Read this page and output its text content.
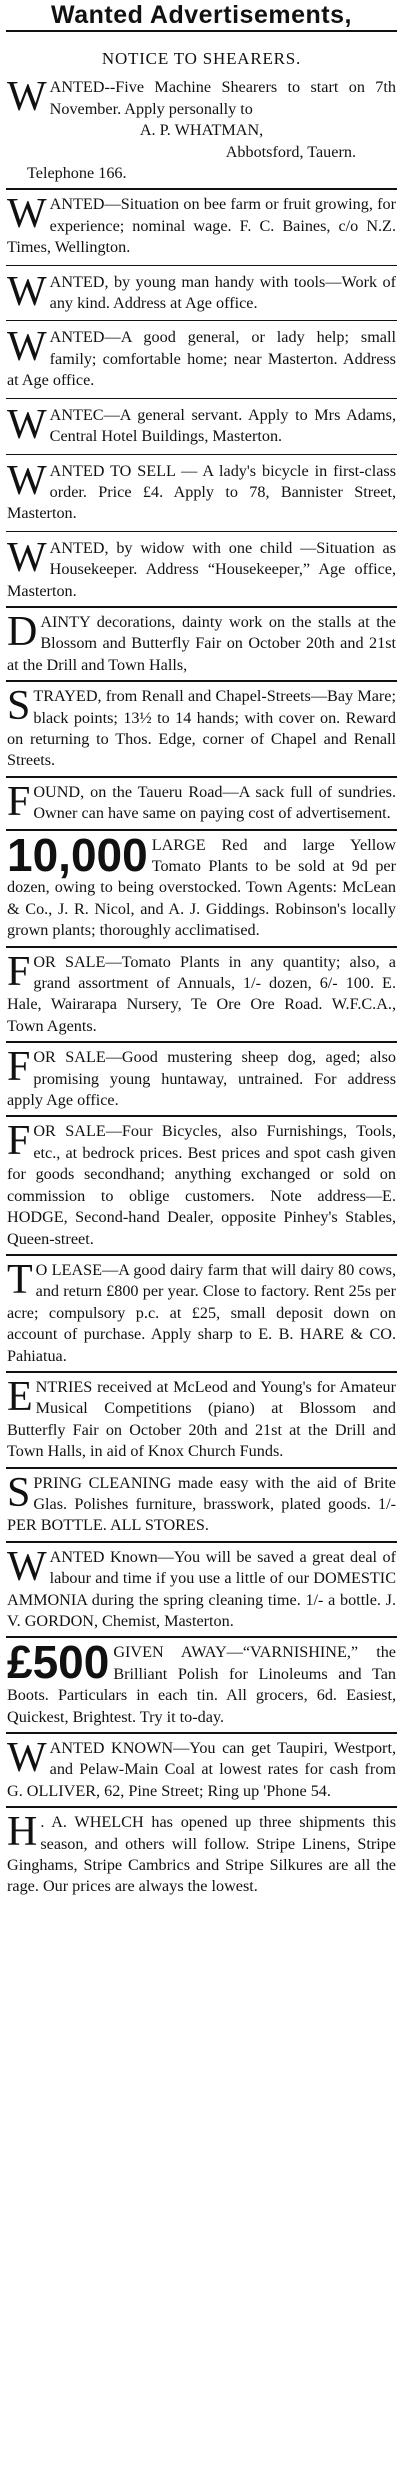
Wanted Advertisements,
NOTICE TO SHEARERS.
W ANTED--Five Machine Shearers to start on 7th November. Apply personally to
A. P. WHATMAN,
Abbotsford, Tauern.
Telephone 166.
WANTED—Situation on bee farm or fruit growing, for experience; nominal wage. F. C. Baines, c/o N.Z. Times, Wellington.
WANTED, by young man handy with tools—Work of any kind. Address at Age office.
WANTED—A good general, or lady help; small family; comfortable home; near Masterton. Address at Age office.
WANTEC—A general servant. Apply to Mrs Adams, Central Hotel Buildings, Masterton.
WANTED TO SELL — A lady's bicycle in first-class order. Price £4. Apply to 78, Bannister Street, Masterton.
WANTED, by widow with one child —Situation as Housekeeper. Address “Housekeeper,” Age office, Masterton.
DAINTY decorations, dainty work on the stalls at the Blossom and Butterfly Fair on October 20th and 21st at the Drill and Town Halls,
STRAYED, from Renall and Chapel-Streets—Bay Mare; black points; 13½ to 14 hands; with cover on. Reward on returning to Thos. Edge, corner of Chapel and Renall Streets.
FOUND, on the Taueru Road—A sack full of sundries. Owner can have same on paying cost of advertisement.
10,000 LARGE Red and large Yellow Tomato Plants to be sold at 9d per dozen, owing to being overstocked. Town Agents: McLean & Co., J. R. Nicol, and A. J. Giddings. Robinson's locally grown plants; thoroughly acclimatised.
FOR SALE—Tomato Plants in any quantity; also, a grand assortment of Annuals, 1/- dozen, 6/- 100. E. Hale, Wairarapa Nursery, Te Ore Ore Road. W.F.C.A., Town Agents.
FOR SALE—Good mustering sheep dog, aged; also promising young huntaway, untrained. For address apply Age office.
FOR SALE—Four Bicycles, also Furnishings, Tools, etc., at bedrock prices. Best prices and spot cash given for goods secondhand; anything exchanged or sold on commission to oblige customers. Note address—E. HODGE, Second-hand Dealer, opposite Pinhey's Stables, Queen-street.
T O LEASE—A good dairy farm that will dairy 80 cows, and return £800 per year. Close to factory. Rent 25s per acre; compulsory p.c. at £25, small deposit down on account of purchase. Apply sharp to E. B. HARE & CO. Pahiatua.
ENTRIES received at McLeod and Young's for Amateur Musical Competitions (piano) at Blossom and Butterfly Fair on October 20th and 21st at the Drill and Town Halls, in aid of Knox Church Funds.
SPRING CLEANING made easy with the aid of Brite Glas. Polishes furniture, brasswork, plated goods. 1/- PER BOTTLE. ALL STORES.
WANTED Known—You will be saved a great deal of labour and time if you use a little of our DOMESTIC AMMONIA during the spring cleaning time. 1/- a bottle. J. V. GORDON, Chemist, Masterton.
£500 GIVEN AWAY—“VARNISHINE,” the Brilliant Polish for Linoleums and Tan Boots. Particulars in each tin. All grocers, 6d. Easiest, Quickest, Brightest. Try it to-day.
WANTED KNOWN—You can get Taupiri, Westport, and Pelaw-Main Coal at lowest rates for cash from G. OLLIVER, 62, Pine Street; Ring up 'Phone 54.
H . A. WHELCH has opened up three shipments this season, and others will follow. Stripe Linens, Stripe Ginghams, Stripe Cambrics and Stripe Silkures are all the rage. Our prices are always the lowest.
